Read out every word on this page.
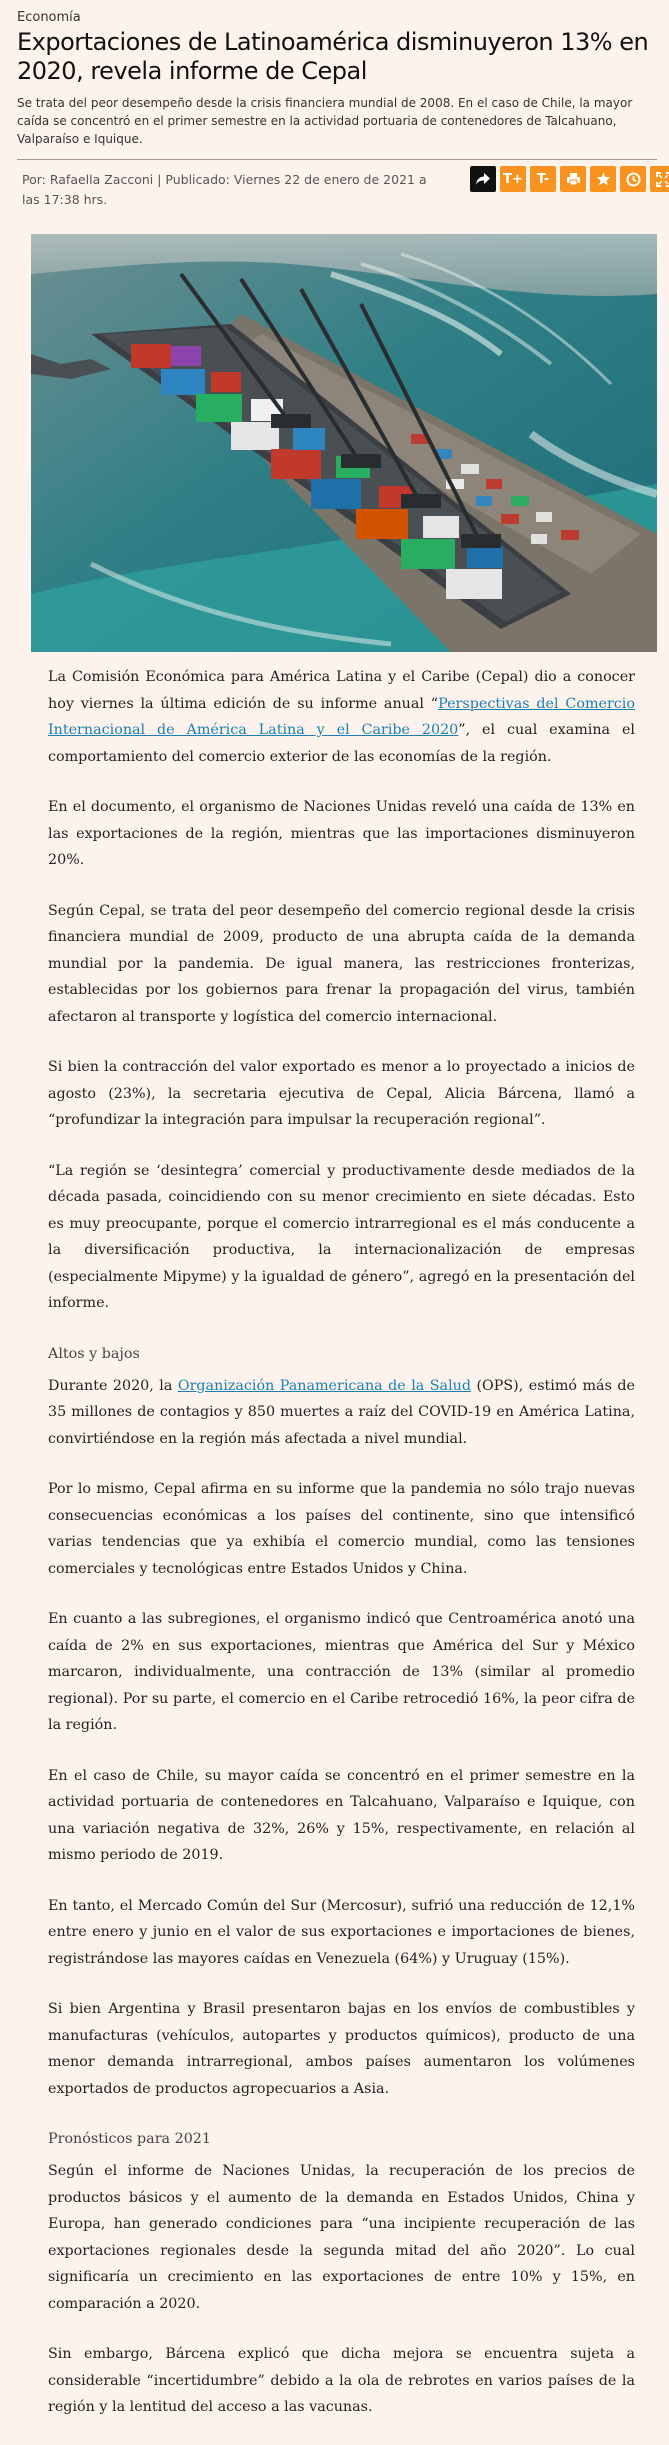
Economía
Exportaciones de Latinoamérica disminuyeron 13% en 2020, revela informe de Cepal

Se trata del peor desempeño desde la crisis financiera mundial de 2008. En el caso de Chile, la mayor caída se concentró en el primer semestre en la actividad portuaria de contenedores de Talcahuano, Valparaíso e Iquique.

Por: Rafaella Zacconi | Publicado: Viernes 22 de enero de 2021 a las 17:38 hrs.
T+	T-

La Comisión Económica para América Latina y el Caribe (Cepal) dio a conocer hoy viernes la última edición de su informe anual “Perspectivas del Comercio Internacional de América Latina y el Caribe 2020”, el cual examina el comportamiento del comercio exterior de las economías de la región.

En el documento, el organismo de Naciones Unidas reveló una caída de 13% en las exportaciones de la región, mientras que las importaciones disminuyeron 20%.

Según Cepal, se trata del peor desempeño del comercio regional desde la crisis financiera mundial de 2009, producto de una abrupta caída de la demanda mundial por la pandemia. De igual manera, las restricciones fronterizas, establecidas por los gobiernos para frenar la propagación del virus, también afectaron al transporte y logística del comercio internacional.

Si bien la contracción del valor exportado es menor a lo proyectado a inicios de agosto (23%), la secretaria ejecutiva de Cepal, Alicia Bárcena, llamó a “profundizar la integración para impulsar la recuperación regional”.

“La región se ‘desintegra’ comercial y productivamente desde mediados de la década pasada, coincidiendo con su menor crecimiento en siete décadas. Esto es muy preocupante, porque el comercio intrarregional es el más conducente a la diversificación productiva, la internacionalización de empresas (especialmente Mipyme) y la igualdad de género”, agregó en la presentación del informe.

Altos y bajos

Durante 2020, la Organización Panamericana de la Salud (OPS), estimó más de 35 millones de contagios y 850 muertes a raíz del COVID-19 en América Latina, convirtiéndose en la región más afectada a nivel mundial.

Por lo mismo, Cepal afirma en su informe que la pandemia no sólo trajo nuevas consecuencias económicas a los países del continente, sino que intensificó varias tendencias que ya exhibía el comercio mundial, como las tensiones comerciales y tecnológicas entre Estados Unidos y China.

En cuanto a las subregiones, el organismo indicó que Centroamérica anotó una caída de 2% en sus exportaciones, mientras que América del Sur y México marcaron, individualmente, una contracción de 13% (similar al promedio regional). Por su parte, el comercio en el Caribe retrocedió 16%, la peor cifra de la región.

En el caso de Chile, su mayor caída se concentró en el primer semestre en la actividad portuaria de contenedores en Talcahuano, Valparaíso e Iquique, con una variación negativa de 32%, 26% y 15%, respectivamente, en relación al mismo periodo de 2019.

En tanto, el Mercado Común del Sur (Mercosur), sufrió una reducción de 12,1% entre enero y junio en el valor de sus exportaciones e importaciones de bienes, registrándose las mayores caídas en Venezuela (64%) y Uruguay (15%).

Si bien Argentina y Brasil presentaron bajas en los envíos de combustibles y manufacturas (vehículos, autopartes y productos químicos), producto de una menor demanda intrarregional, ambos países aumentaron los volúmenes exportados de productos agropecuarios a Asia.

Pronósticos para 2021

Según el informe de Naciones Unidas, la recuperación de los precios de productos básicos y el aumento de la demanda en Estados Unidos, China y Europa, han generado condiciones para “una incipiente recuperación de las exportaciones regionales desde la segunda mitad del año 2020”. Lo cual significaría un crecimiento en las exportaciones de entre 10% y 15%, en comparación a 2020.

Sin embargo, Bárcena explicó que dicha mejora se encuentra sujeta a considerable “incertidumbre” debido a la ola de rebrotes en varios países de la región y la lentitud del acceso a las vacunas.
